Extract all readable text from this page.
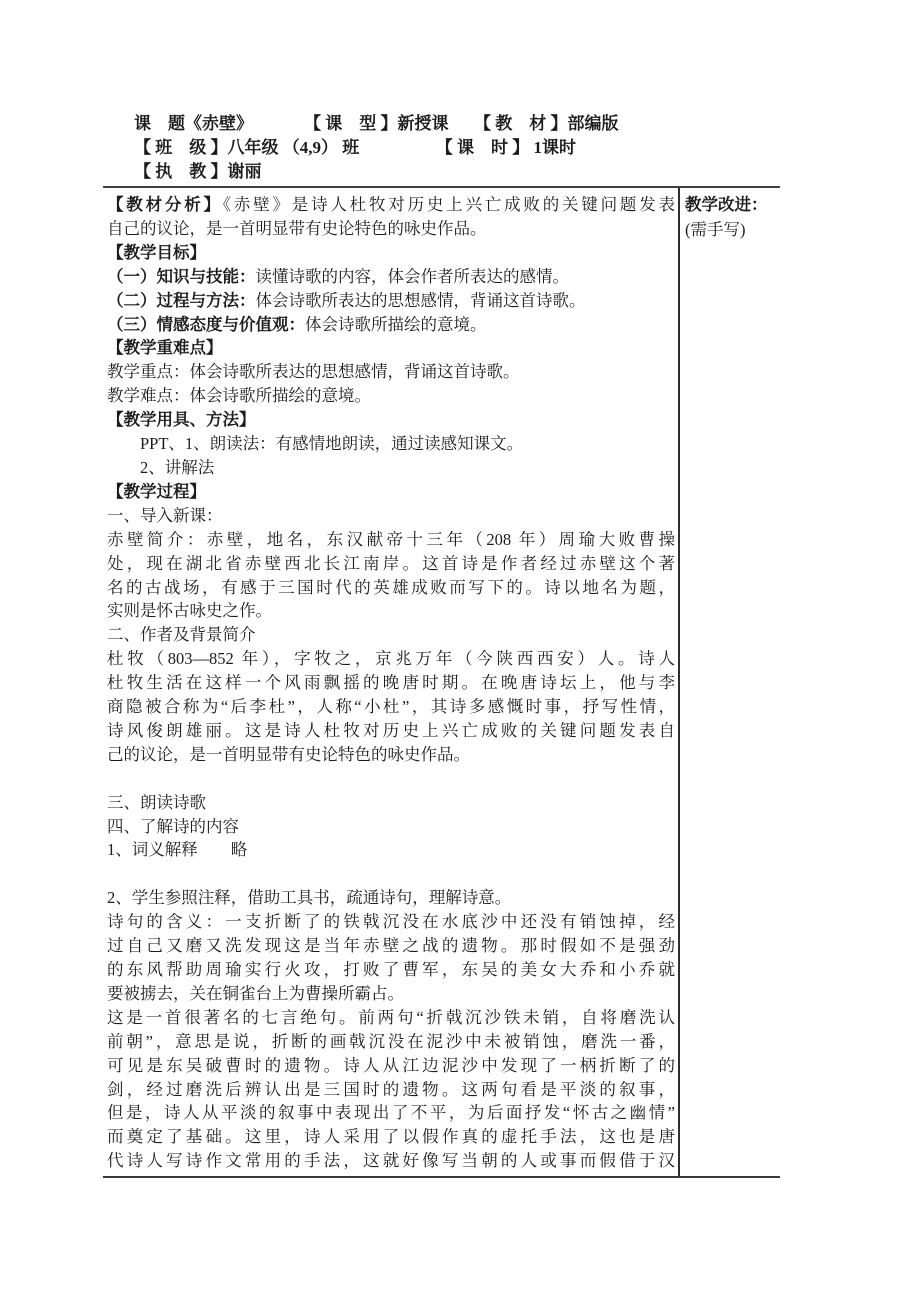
课　题《赤壁》　　　　【 课　型 】新授课　　【 教　材 】部编版
【 班　级 】八年级 （4,9） 班　　　　　【 课　时 】 1课时
【 执　教 】谢丽
【教材分析】《赤壁》是诗人杜牧对历史上兴亡成败的关键问题发表
自己的议论，是一首明显带有史论特色的咏史作品。
【教学目标】
（一）知识与技能：读懂诗歌的内容，体会作者所表达的感情。
（二）过程与方法：体会诗歌所表达的思想感情，背诵这首诗歌。
（三）情感态度与价值观：体会诗歌所描绘的意境。
【教学重难点】
教学重点：体会诗歌所表达的思想感情，背诵这首诗歌。
教学难点：体会诗歌所描绘的意境。
【教学用具、方法】
　　PPT、1、朗读法：有感情地朗读，通过读感知课文。
　　2、讲解法
【教学过程】
一、导入新课：
赤壁简介：赤壁，地名，东汉献帝十三年（208 年）周瑜大败曹操
处，现在湖北省赤壁西北长江南岸。这首诗是作者经过赤壁这个著
名的古战场，有感于三国时代的英雄成败而写下的。诗以地名为题，
实则是怀古咏史之作。
二、作者及背景简介
杜牧（803—852 年），字牧之，京兆万年（今陕西西安）人。诗人
杜牧生活在这样一个风雨飘摇的晚唐时期。在晚唐诗坛上，他与李
商隐被合称为“后李杜”，人称“小杜”，其诗多感慨时事，抒写性情，
诗风俊朗雄丽。这是诗人杜牧对历史上兴亡成败的关键问题发表自
己的议论，是一首明显带有史论特色的咏史作品。

三、朗读诗歌
四、了解诗的内容
1、词义解释　　略

2、学生参照注释，借助工具书，疏通诗句，理解诗意。
诗句的含义：一支折断了的铁戟沉没在水底沙中还没有销蚀掉，经
过自己又磨又洗发现这是当年赤壁之战的遗物。那时假如不是强劲
的东风帮助周瑜实行火攻，打败了曹军，东吴的美女大乔和小乔就
要被掳去，关在铜雀台上为曹操所霸占。
这是一首很著名的七言绝句。前两句“折戟沉沙铁未销，自将磨洗认
前朝”，意思是说，折断的画戟沉没在泥沙中未被销蚀，磨洗一番，
可见是东吴破曹时的遗物。诗人从江边泥沙中发现了一柄折断了的
剑，经过磨洗后辨认出是三国时的遗物。这两句看是平淡的叙事，
但是，诗人从平淡的叙事中表现出了不平，为后面抒发“怀古之幽情”
而奠定了基础。这里，诗人采用了以假作真的虚托手法，这也是唐
代诗人写诗作文常用的手法，这就好像写当朝的人或事而假借于汉
教学改进：
(需手写)
